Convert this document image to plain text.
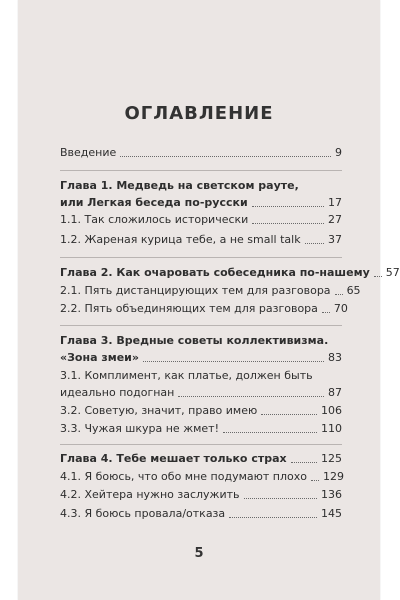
ОГЛАВЛЕНИЕ
Введение	9
Глава 1. Медведь на светском рауте,
или Легкая беседа по-русски	17
1.1. Так сложилось исторически	27
1.2. Жареная курица тебе, а не small talk 37
Глава 2. Как очаровать собеседника по-нашему 57
2.1. Пять дистанцирующих тем для разговора 65
2.2. Пять объединяющих тем для разговора 70
Глава 3. Вредные советы коллективизма.
«Зона змеи»	83
3.1. Комплимент, как платье, должен быть
идеально подогнан	87
3.2. Советую, значит, право имею	106
3.3. Чужая шкура не жмет!	110
Глава 4. Тебе мешает только страх	125
4.1. Я боюсь, что обо мне подумают плохо 129
4.2. Хейтера нужно заслужить	136
4.3. Я боюсь провала/отказа	145
5
